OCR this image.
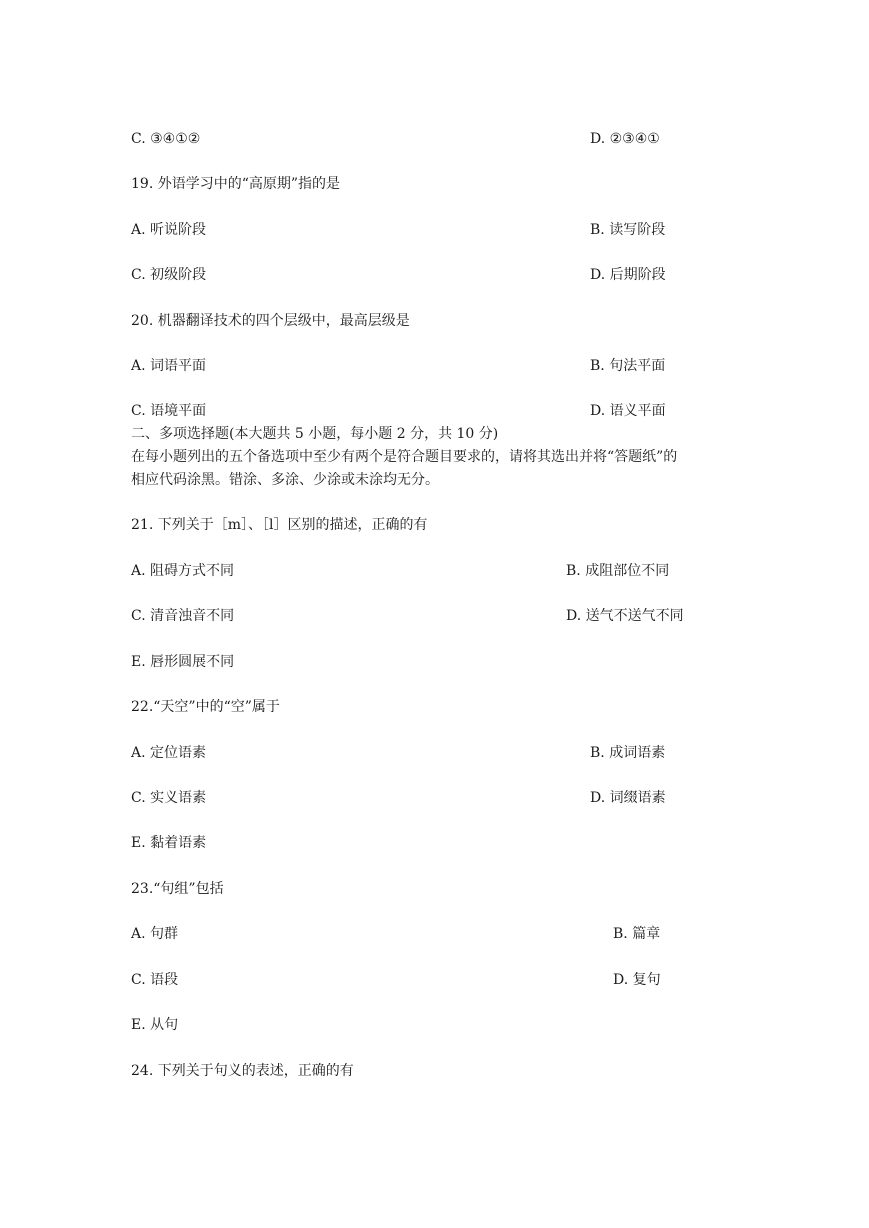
C. ③④①②	D. ②③④①
19. 外语学习中的“高原期”指的是
A. 听说阶段	B. 读写阶段
C. 初级阶段	D. 后期阶段
20. 机器翻译技术的四个层级中，最高层级是
A. 词语平面	B. 句法平面
C. 语境平面	D. 语义平面
二、多项选择题(本大题共 5 小题，每小题 2 分，共 10 分)
在每小题列出的五个备选项中至少有两个是符合题目要求的，请将其选出并将“答题纸”的
相应代码涂黑。错涂、多涂、少涂或未涂均无分。
21. 下列关于［m］、［l］区别的描述，正确的有
A. 阻碍方式不同	B. 成阻部位不同
C. 清音浊音不同	D. 送气不送气不同
E. 唇形圆展不同
22.“天空”中的“空”属于
A. 定位语素	B. 成词语素
C. 实义语素	D. 词缀语素
E. 黏着语素
23.“句组”包括
A. 句群	B. 篇章
C. 语段	D. 复句
E. 从句
24. 下列关于句义的表述，正确的有
